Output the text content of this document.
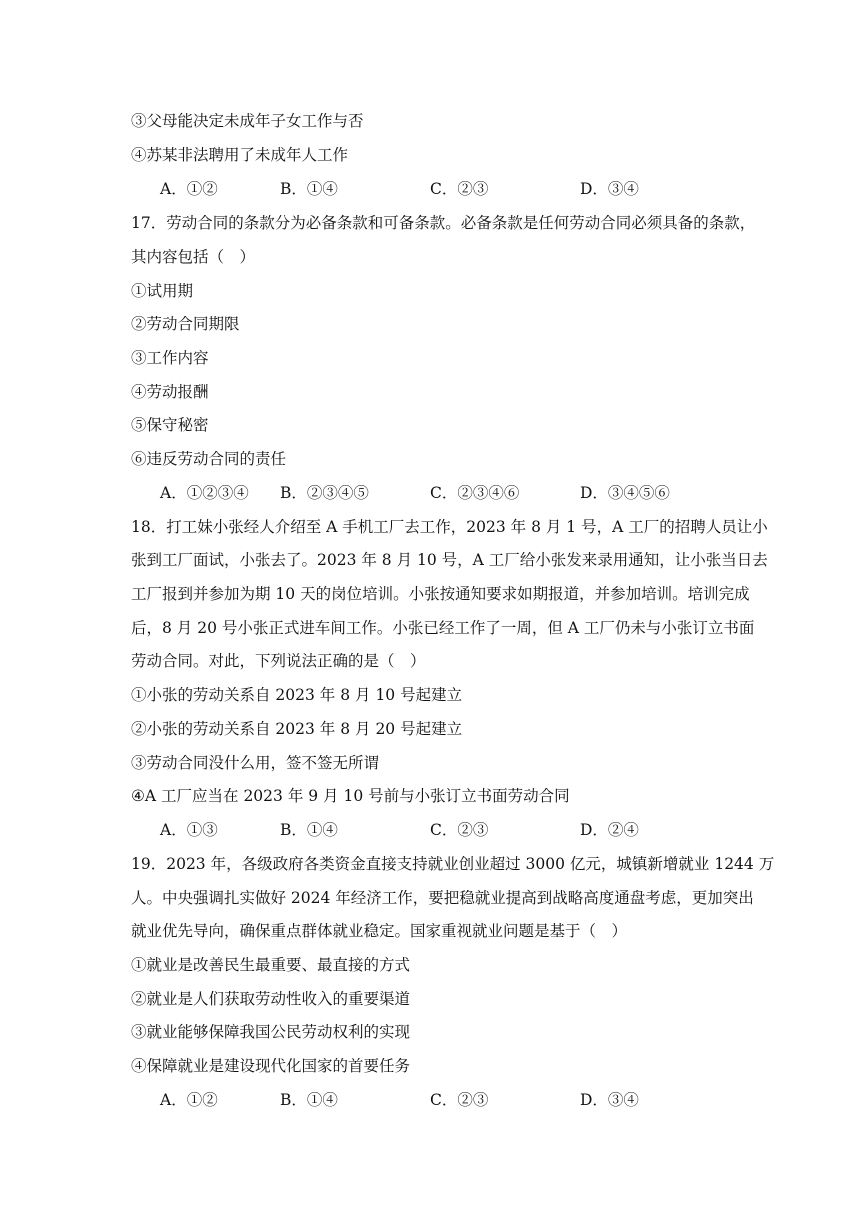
③父母能决定未成年子女工作与否
④苏某非法聘用了未成年人工作
A．①②	B．①④	C．②③	D．③④
17．劳动合同的条款分为必备条款和可备条款。必备条款是任何劳动合同必须具备的条款，
其内容包括（　）
①试用期
②劳动合同期限
③工作内容
④劳动报酬
⑤保守秘密
⑥违反劳动合同的责任
A．①②③④ B．②③④⑤	C．②③④⑥	D．③④⑤⑥
18．打工妹小张经人介绍至 A 手机工厂去工作，2023 年 8 月 1 号，A 工厂的招聘人员让小
张到工厂面试，小张去了。2023 年 8 月 10 号，A 工厂给小张发来录用通知，让小张当日去
工厂报到并参加为期 10 天的岗位培训。小张按通知要求如期报道，并参加培训。培训完成
后，8 月 20 号小张正式进车间工作。小张已经工作了一周，但 A 工厂仍未与小张订立书面
劳动合同。对此，下列说法正确的是（　）
①小张的劳动关系自 2023 年 8 月 10 号起建立
②小张的劳动关系自 2023 年 8 月 20 号起建立
③劳动合同没什么用，签不签无所谓
④A 工厂应当在 2023 年 9 月 10 号前与小张订立书面劳动合同
A．①③	B．①④	C．②③	D．②④
19．2023 年，各级政府各类资金直接支持就业创业超过 3000 亿元，城镇新增就业 1244 万
人。中央强调扎实做好 2024 年经济工作，要把稳就业提高到战略高度通盘考虑，更加突出
就业优先导向，确保重点群体就业稳定。国家重视就业问题是基于（　）
①就业是改善民生最重要、最直接的方式
②就业是人们获取劳动性收入的重要渠道
③就业能够保障我国公民劳动权利的实现
④保障就业是建设现代化国家的首要任务
A．①②	B．①④	C．②③	D．③④
